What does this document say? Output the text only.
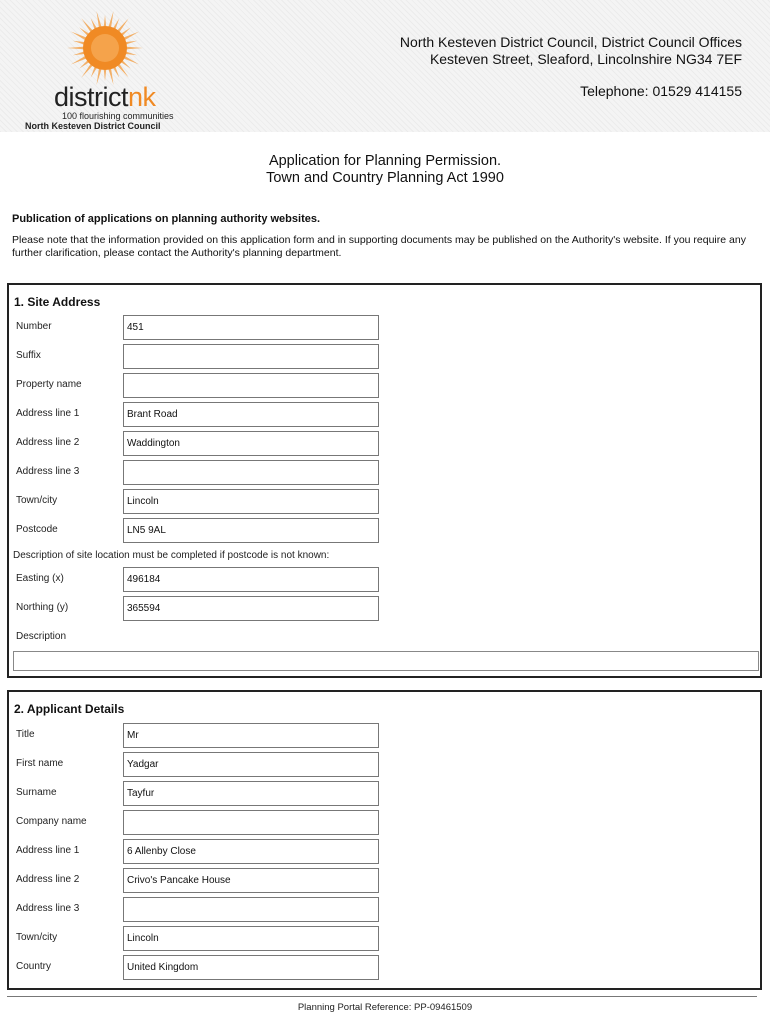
districtnk
100 flourishing communities
North Kesteven District Council
North Kesteven District Council, District Council Offices
Kesteven Street, Sleaford, Lincolnshire NG34 7EF
Telephone: 01529 414155
Application for Planning Permission.
Town and Country Planning Act 1990
Publication of applications on planning authority websites.
Please note that the information provided on this application form and in supporting documents may be published on the Authority's website. If you require any further clarification, please contact the Authority's planning department.
1. Site Address
Number	451
Suffix
Property name
Address line 1	Brant Road
Address line 2	Waddington
Address line 3
Town/city	Lincoln
Postcode	LN5 9AL
Description of site location must be completed if postcode is not known:
Easting (x)	496184
Northing (y)	365594
Description
2. Applicant Details
Title	Mr
First name	Yadgar
Surname	Tayfur
Company name
Address line 1	6 Allenby Close
Address line 2	Crivo's Pancake House
Address line 3
Town/city	Lincoln
Country	United Kingdom
Planning Portal Reference: PP-09461509
